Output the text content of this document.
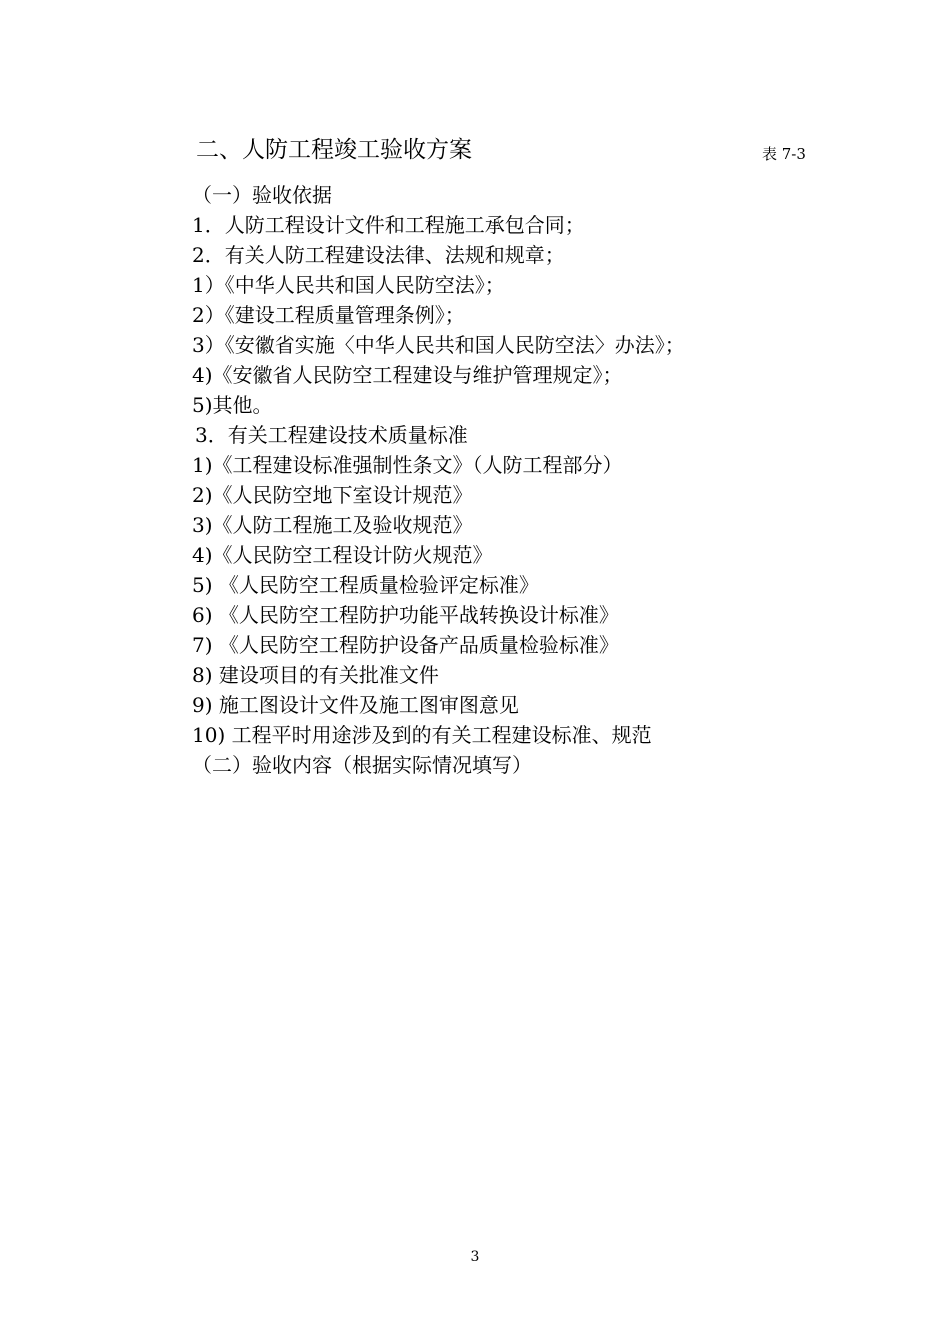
二、人防工程竣工验收方案	表 7-3
（一）验收依据
1．人防工程设计文件和工程施工承包合同；
2．有关人防工程建设法律、法规和规章；
1）《中华人民共和国人民防空法》；
2）《建设工程质量管理条例》；
3）《安徽省实施〈中华人民共和国人民防空法〉办法》；
4)《安徽省人民防空工程建设与维护管理规定》；
5)其他。
3．有关工程建设技术质量标准
1)《工程建设标准强制性条文》（人防工程部分）
2)《人民防空地下室设计规范》
3)《人防工程施工及验收规范》
4)《人民防空工程设计防火规范》
5) 《人民防空工程质量检验评定标准》
6) 《人民防空工程防护功能平战转换设计标准》
7) 《人民防空工程防护设备产品质量检验标准》
8) 建设项目的有关批准文件
9) 施工图设计文件及施工图审图意见
10) 工程平时用途涉及到的有关工程建设标准、规范
（二）验收内容（根据实际情况填写）
3
